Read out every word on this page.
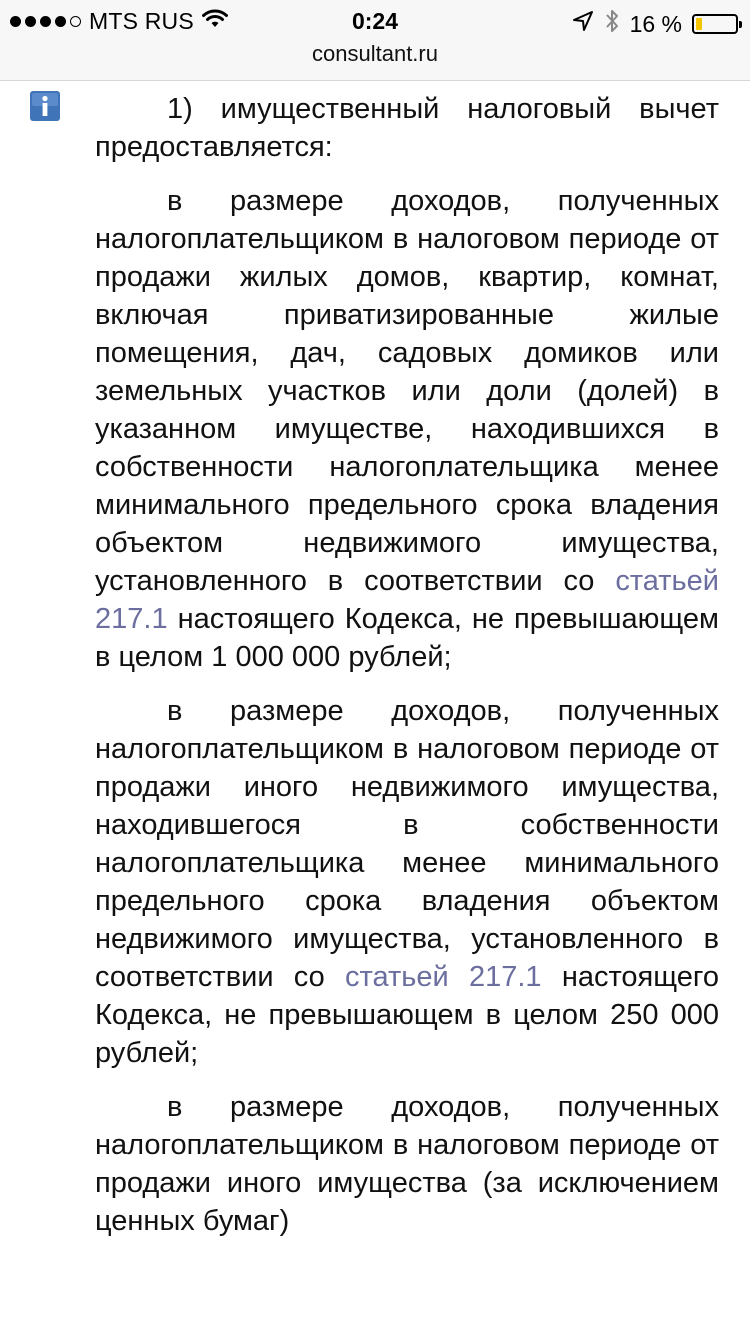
MTS RUS	0:24	16 %
consultant.ru

1) имущественный налоговый вычет предоставляется:

в размере доходов, полученных налогоплательщиком в налоговом периоде от продажи жилых домов, квартир, комнат, включая приватизированные жилые помещения, дач, садовых домиков или земельных участков или доли (долей) в указанном имуществе, находившихся в собственности налогоплательщика менее минимального предельного срока владения объектом недвижимого имущества, установленного в соответствии со статьей 217.1 настоящего Кодекса, не превышающем в целом 1 000 000 рублей;

в размере доходов, полученных налогоплательщиком в налоговом периоде от продажи иного недвижимого имущества, находившегося в собственности налогоплательщика менее минимального предельного срока владения объектом недвижимого имущества, установленного в соответствии со статьей 217.1 настоящего Кодекса, не превышающем в целом 250 000 рублей;

в размере доходов, полученных налогоплательщиком в налоговом периоде от продажи иного имущества (за исключением ценных бумаг)
